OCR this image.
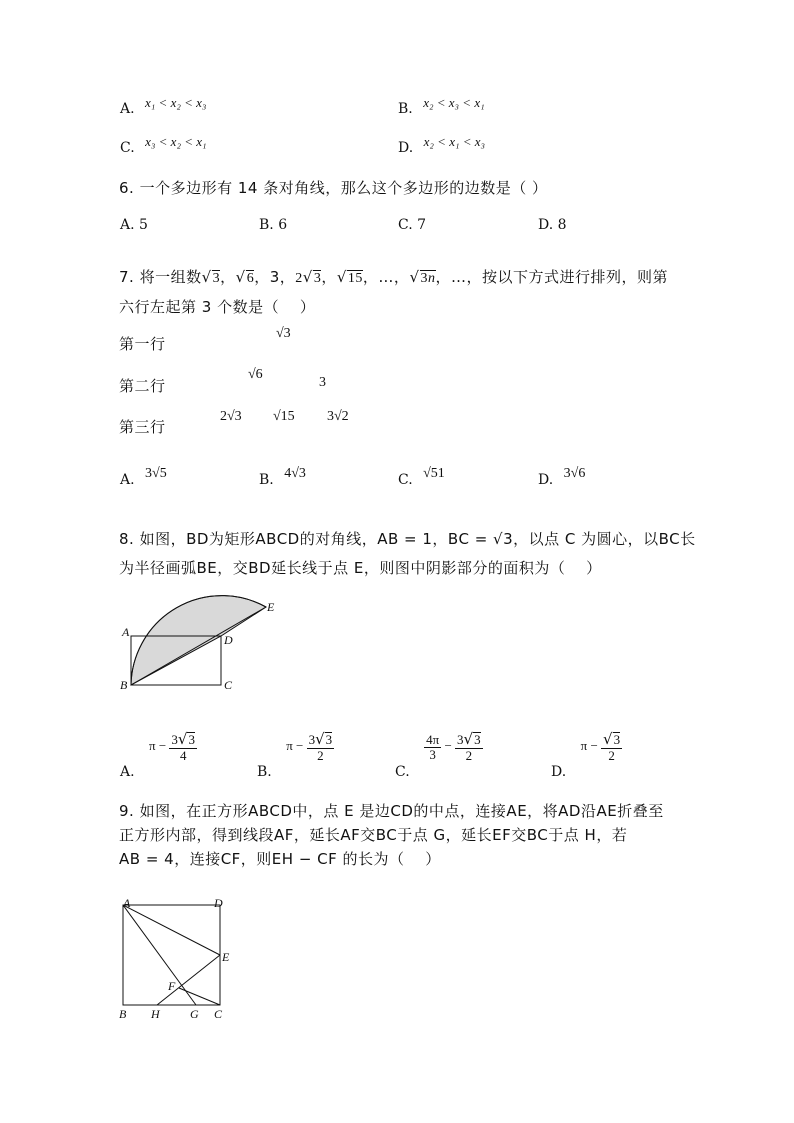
A. x₁ < x₂ < x₃	B. x₂ < x₃ < x₁
C. x₃ < x₂ < x₁	D. x₂ < x₁ < x₃
6. 一个多边形有 14 条对角线，那么这个多边形的边数是（ ）
A. 5	B. 6	C. 7	D. 8
7. 将一组数√3，√6，3，2√3，√15，…，√3n，…，按以下方式进行排列，则第
六行左起第 3 个数是（　 ）
第一行
√3
第二行
√6
3
第三行
2√3 √15 3√2
A. 3√5	B. 4√3	C. √51	D. 3√6
8. 如图，BD为矩形ABCD的对角线，AB = 1，BC = √3，以点 C 为圆心，以BC长
为半径画弧BE，交BD延长线于点 E，则图中阴影部分的面积为（　 ）
A
B	C
D
E
A. $\pi - \frac{3√3}{4}$
B. $\pi - \frac{3√3}{2}$
C.
$\frac{4\pi}{3} - \frac{3√3}{2}$
D. $\pi - \frac{√3}{2}$
9. 如图，在正方形ABCD中，点 E 是边CD的中点，连接AE，将AD沿AE折叠至
正方形内部，得到线段AF，延长AF交BC于点 G，延长EF交BC于点 H，若
AB = 4，连接CF，则EH − CF 的长为（　 ）
A	D
E
F
B H	G C
